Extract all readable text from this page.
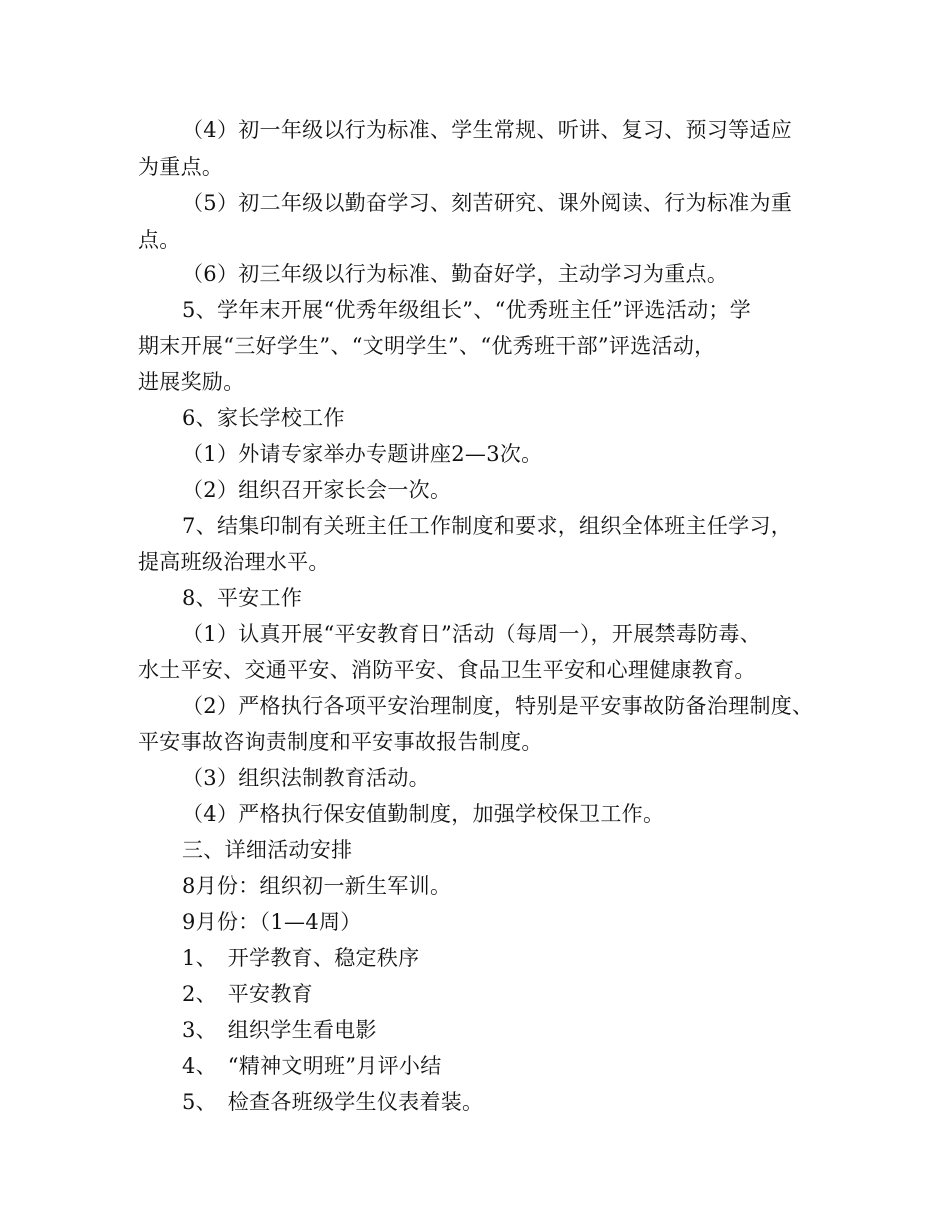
（4）初一年级以行为标准、学生常规、听讲、复习、预习等适应
为重点。
（5）初二年级以勤奋学习、刻苦研究、课外阅读、行为标准为重
点。
（6）初三年级以行为标准、勤奋好学，主动学习为重点。
5、学年末开展“优秀年级组长”、“优秀班主任”评选活动；学
期末开展“三好学生”、“文明学生”、“优秀班干部”评选活动，
进展奖励。
6、家长学校工作
（1）外请专家举办专题讲座2—3次。
（2）组织召开家长会一次。
7、结集印制有关班主任工作制度和要求，组织全体班主任学习，
提高班级治理水平。
8、平安工作
（1）认真开展“平安教育日”活动（每周一），开展禁毒防毒、
水土平安、交通平安、消防平安、食品卫生平安和心理健康教育。
（2）严格执行各项平安治理制度，特别是平安事故防备治理制度、
平安事故咨询责制度和平安事故报告制度。
（3）组织法制教育活动。
（4）严格执行保安值勤制度，加强学校保卫工作。
三、详细活动安排
8月份：组织初一新生军训。
9月份：（1—4周）
1、　开学教育、稳定秩序
2、　平安教育
3、　组织学生看电影
4、　“精神文明班”月评小结
5、　检查各班级学生仪表着装。
